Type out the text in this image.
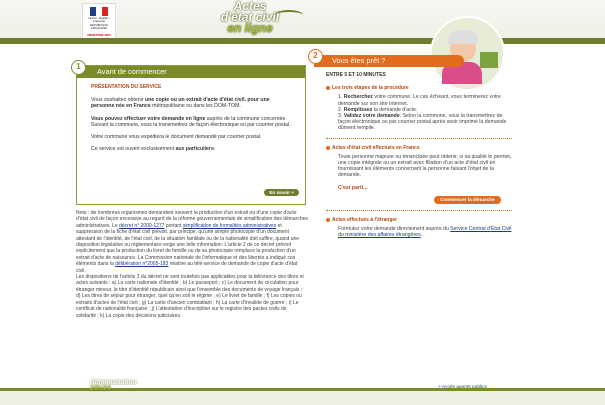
Liberté • Égalité • Fraternité
RÉPUBLIQUE FRANÇAISE
MINISTÈRE DES
Actes
d'état civil
en ligne
1
Avant de commencer
PRÉSENTATION DU SERVICE

Vous souhaitez obtenir une copie ou un extrait d'acte d'état civil, pour une personne née en France métropolitaine ou dans les DOM-TOM.

Vous pouvez effectuer votre demande en ligne auprès de la commune concernée. Suivant la commune, vous la transmettrez de façon électronique ou par courrier postal.

Votre commune vous expédiera le document demandé par courrier postal.

Ce service est ouvert exclusivement aux particuliers.

En savoir +

Note : de nombreux organismes demandent souvent la production d'un extrait ou d'une copie d'acte d'état civil de façon excessive au regard de la réforme gouvernementale de simplification des démarches administratives. Le décret n° 2000-1277 portant simplification de formalités administratives et suppression de la fiche d'état civil prévoit, par principe, qu'une simple photocopie d'un document attestant de l'identité, de l'état civil, de la situation familiale ou de la nationalité doit suffire, quand une disposition législative ou réglementaire exige une telle information. L'article 2 de ce décret prévoit explicitement que la production du livret de famille ou de sa photocopie remplace la production d'un extrait d'acte de naissance. La Commission nationale de l'informatique et des libertés a indiqué ces éléments dans la délibération n°2005-183 relative au télé-service de demande de copie d'acte d'état civil.

Les dispositions de l'article 2 du décret ne sont toutefois pas applicables pour la délivrance des titres et actes suivants : a) La carte nationale d'identité ; b) Le passeport ; c) Le document de circulation pour étranger mineur, le titre d'identité républicain ainsi que l'ensemble des documents de voyage français ; d) Les titres de séjour pour étranger, quel qu'en soit le régime ; e) Le livret de famille ; f) Les copies ou extraits d'actes de l'état civil ; g) La carte d'ancien combattant ; h) La carte d'invalide de guerre ; i) Le certificat de nationalité française ; j) L'attestation d'inscription sur le registre des pactes civils de solidarité ; k) La copie des décisions judiciaires.

2
Vous êtes prêt ?
ENTRE 5 ET 10 MINUTES
Les trois étapes de la procédure
1. Recherchez votre commune. Le cas échéant, vous terminerez votre demande sur son site Internet.
2. Remplissez la demande d'acte.
3. Validez votre demande. Selon la commune, vous la transmettrez de façon électronique ou par courrier postal après avoir imprimé la demande dûment remplie.
Actes d'état civil effectués en France
Toute personne majeure ou émancipée peut obtenir, si sa qualité le permet, une copie intégrale ou un extrait avec filiation d'un acte d'état civil en fournissant les éléments concernant la personne faisant l'objet de la demande.
C'est parti...
Commencer la démarche
Actes effectués à l'étranger
Formulez votre demande directement auprès du Service Central d'État Civil du ministère des affaires étrangères.
Administration
24h/24
